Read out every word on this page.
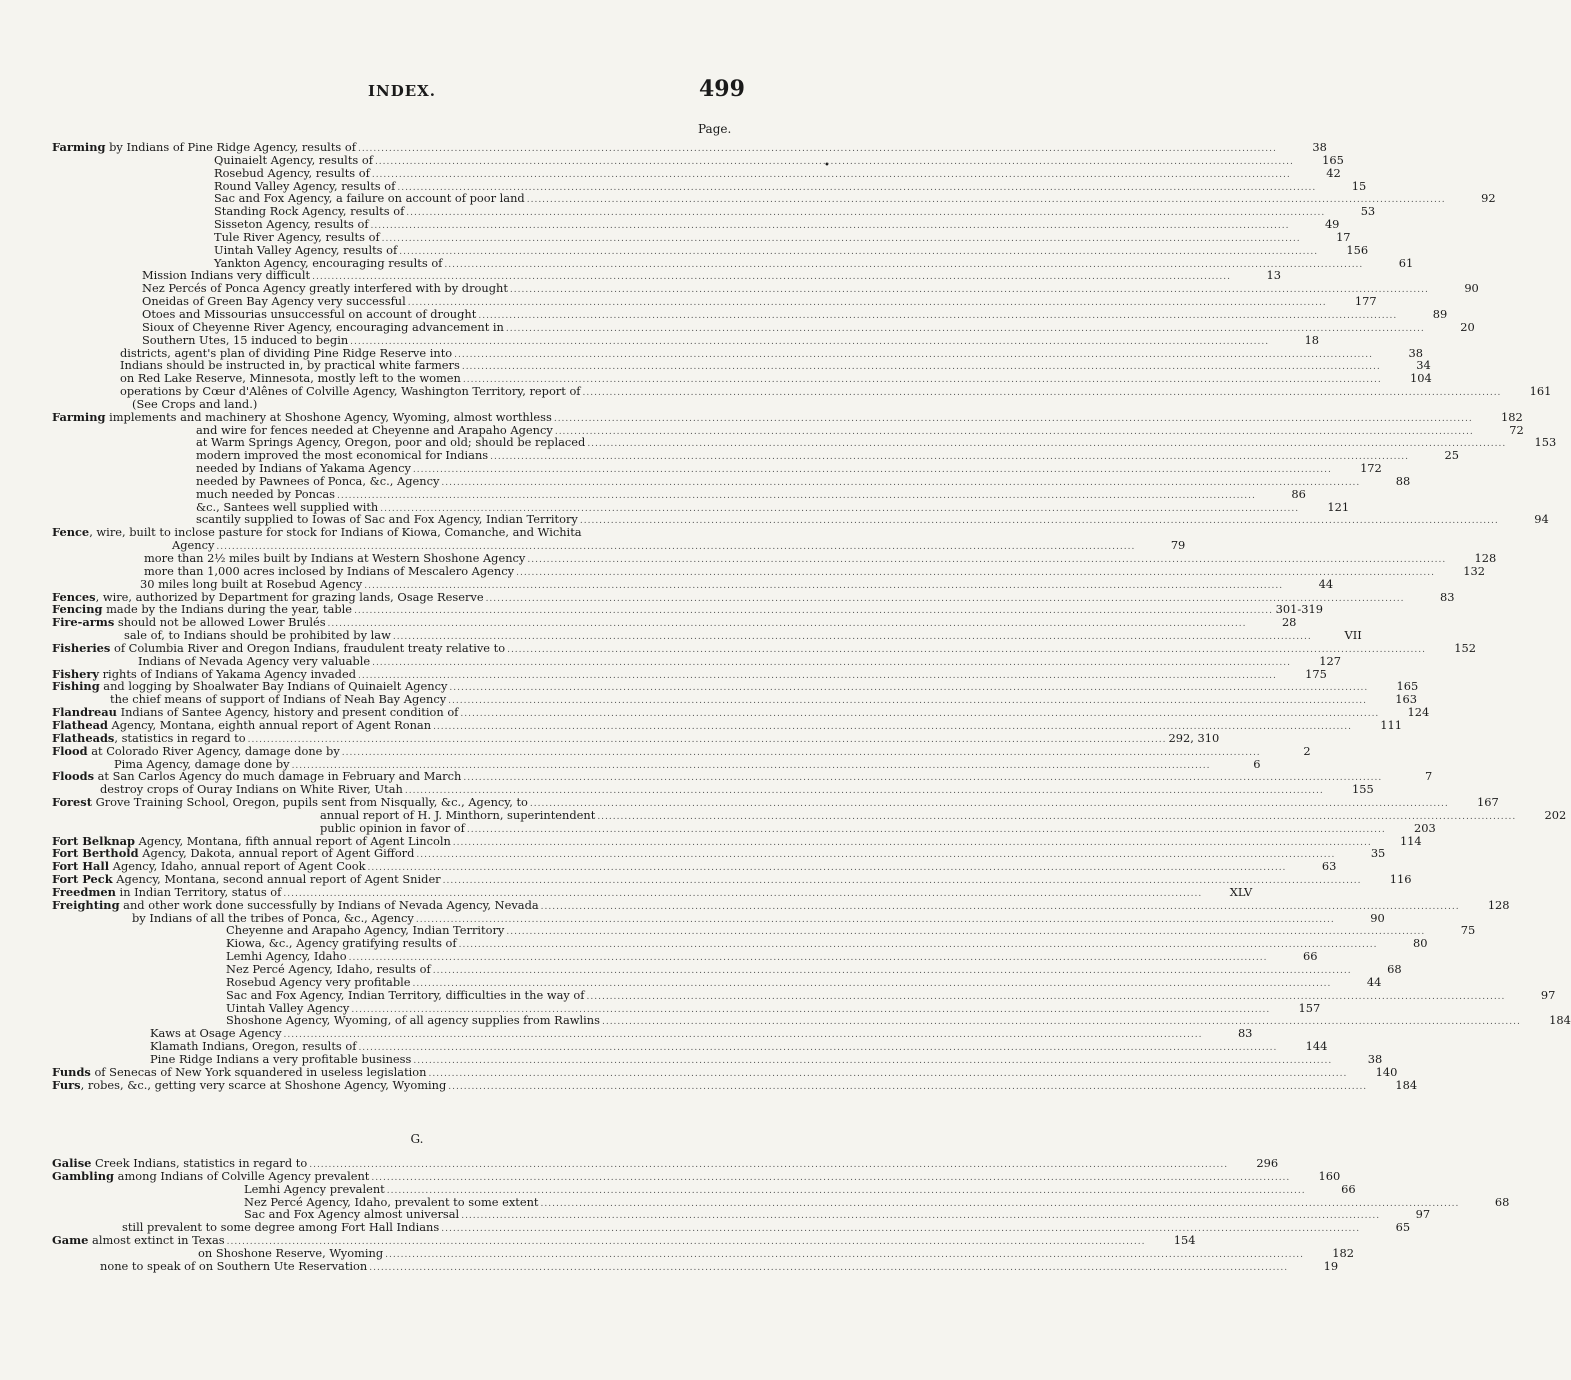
INDEX.	499
Page.
•
Farming by Indians of Pine Ridge Agency, results of .....	38
Quinaielt Agency, results of .....	165
Rosebud Agency, results of .....	42
Round Valley Agency, results of .....	15
Sac and Fox Agency, a failure on account of poor land .....	92
Standing Rock Agency, results of .....	53
Sisseton Agency, results of .....	49
Tule River Agency, results of .....	17
Uintah Valley Agency, results of .....	156
Yankton Agency, encouraging results of .....	61
Mission Indians very difficult .....	13
Nez Percés of Ponca Agency greatly interfered with by drought .....	90
Oneidas of Green Bay Agency very successful .....	177
Otoes and Missourias unsuccessful on account of drought .....	89
Sioux of Cheyenne River Agency, encouraging advancement in .....	20
Southern Utes, 15 induced to begin .....	18
districts, agent's plan of dividing Pine Ridge Reserve into .....	38
Indians should be instructed in, by practical white farmers .....	34
on Red Lake Reserve, Minnesota, mostly left to the women .....	104
operations by Cœur d'Alênes of Colville Agency, Washington Territory, report of .....	161
(See Crops and land.)
Farming implements and machinery at Shoshone Agency, Wyoming, almost worthless .....	182
and wire for fences needed at Cheyenne and Arapaho Agency .....	72
at Warm Springs Agency, Oregon, poor and old; should be replaced .....	153
modern improved the most economical for Indians .....	25
needed by Indians of Yakama Agency .....	172
needed by Pawnees of Ponca, &c., Agency .....	88
much needed by Poncas .....	86
&c., Santees well supplied with .....	121
scantily supplied to Iowas of Sac and Fox Agency, Indian Territory .....	94
Fence, wire, built to inclose pasture for stock for Indians of Kiowa, Comanche, and Wichita
Agency .....	79
more than 2½ miles built by Indians at Western Shoshone Agency .....	128
more than 1,000 acres inclosed by Indians of Mescalero Agency .....	132
30 miles long built at Rosebud Agency .....	44
Fences, wire, authorized by Department for grazing lands, Osage Reserve .....	83
Fencing made by the Indians during the year, table .....	301-319
Fire-arms should not be allowed Lower Brulés .....	28
sale of, to Indians should be prohibited by law .....	VII
Fisheries of Columbia River and Oregon Indians, fraudulent treaty relative to .....	152
Indians of Nevada Agency very valuable .....	127
Fishery rights of Indians of Yakama Agency invaded .....	175
Fishing and logging by Shoalwater Bay Indians of Quinaielt Agency .....	165
the chief means of support of Indians of Neah Bay Agency .....	163
Flandreau Indians of Santee Agency, history and present condition of .....	124
Flathead Agency, Montana, eighth annual report of Agent Ronan .....	111
Flatheads, statistics in regard to .....	292, 310
Flood at Colorado River Agency, damage done by .....	2
Pima Agency, damage done by .....	6
Floods at San Carlos Agency do much damage in February and March .....	7
destroy crops of Ouray Indians on White River, Utah .....	155
Forest Grove Training School, Oregon, pupils sent from Nisqually, &c., Agency, to .....	167
annual report of H. J. Minthorn, superintendent .....	202
public opinion in favor of .....	203
Fort Belknap Agency, Montana, fifth annual report of Agent Lincoln .....	114
Fort Berthold Agency, Dakota, annual report of Agent Gifford .....	35
Fort Hall Agency, Idaho, annual report of Agent Cook .....	63
Fort Peck Agency, Montana, second annual report of Agent Snider .....	116
Freedmen in Indian Territory, status of .....	XLV
Freighting and other work done successfully by Indians of Nevada Agency, Nevada .....	128
by Indians of all the tribes of Ponca, &c., Agency .....	90
Cheyenne and Arapaho Agency, Indian Territory .....	75
Kiowa, &c., Agency gratifying results of .....	80
Lemhi Agency, Idaho .....	66
Nez Percé Agency, Idaho, results of .....	68
Rosebud Agency very profitable .....	44
Sac and Fox Agency, Indian Territory, difficulties in the way of .....	97
Uintah Valley Agency .....	157
Shoshone Agency, Wyoming, of all agency supplies from Rawlins .....	184
Kaws at Osage Agency .....	83
Klamath Indians, Oregon, results of .....	144
Pine Ridge Indians a very profitable business .....	38
Funds of Senecas of New York squandered in useless legislation .....	140
Furs, robes, &c., getting very scarce at Shoshone Agency, Wyoming .....	184
G.
Galise Creek Indians, statistics in regard to .....	296
Gambling among Indians of Colville Agency prevalent .....	160
Lemhi Agency prevalent .....	66
Nez Percé Agency, Idaho, prevalent to some extent .....	68
Sac and Fox Agency almost universal .....	97
still prevalent to some degree among Fort Hall Indians .....	65
Game almost extinct in Texas .....	154
on Shoshone Reserve, Wyoming .....	182
none to speak of on Southern Ute Reservation .....	19
